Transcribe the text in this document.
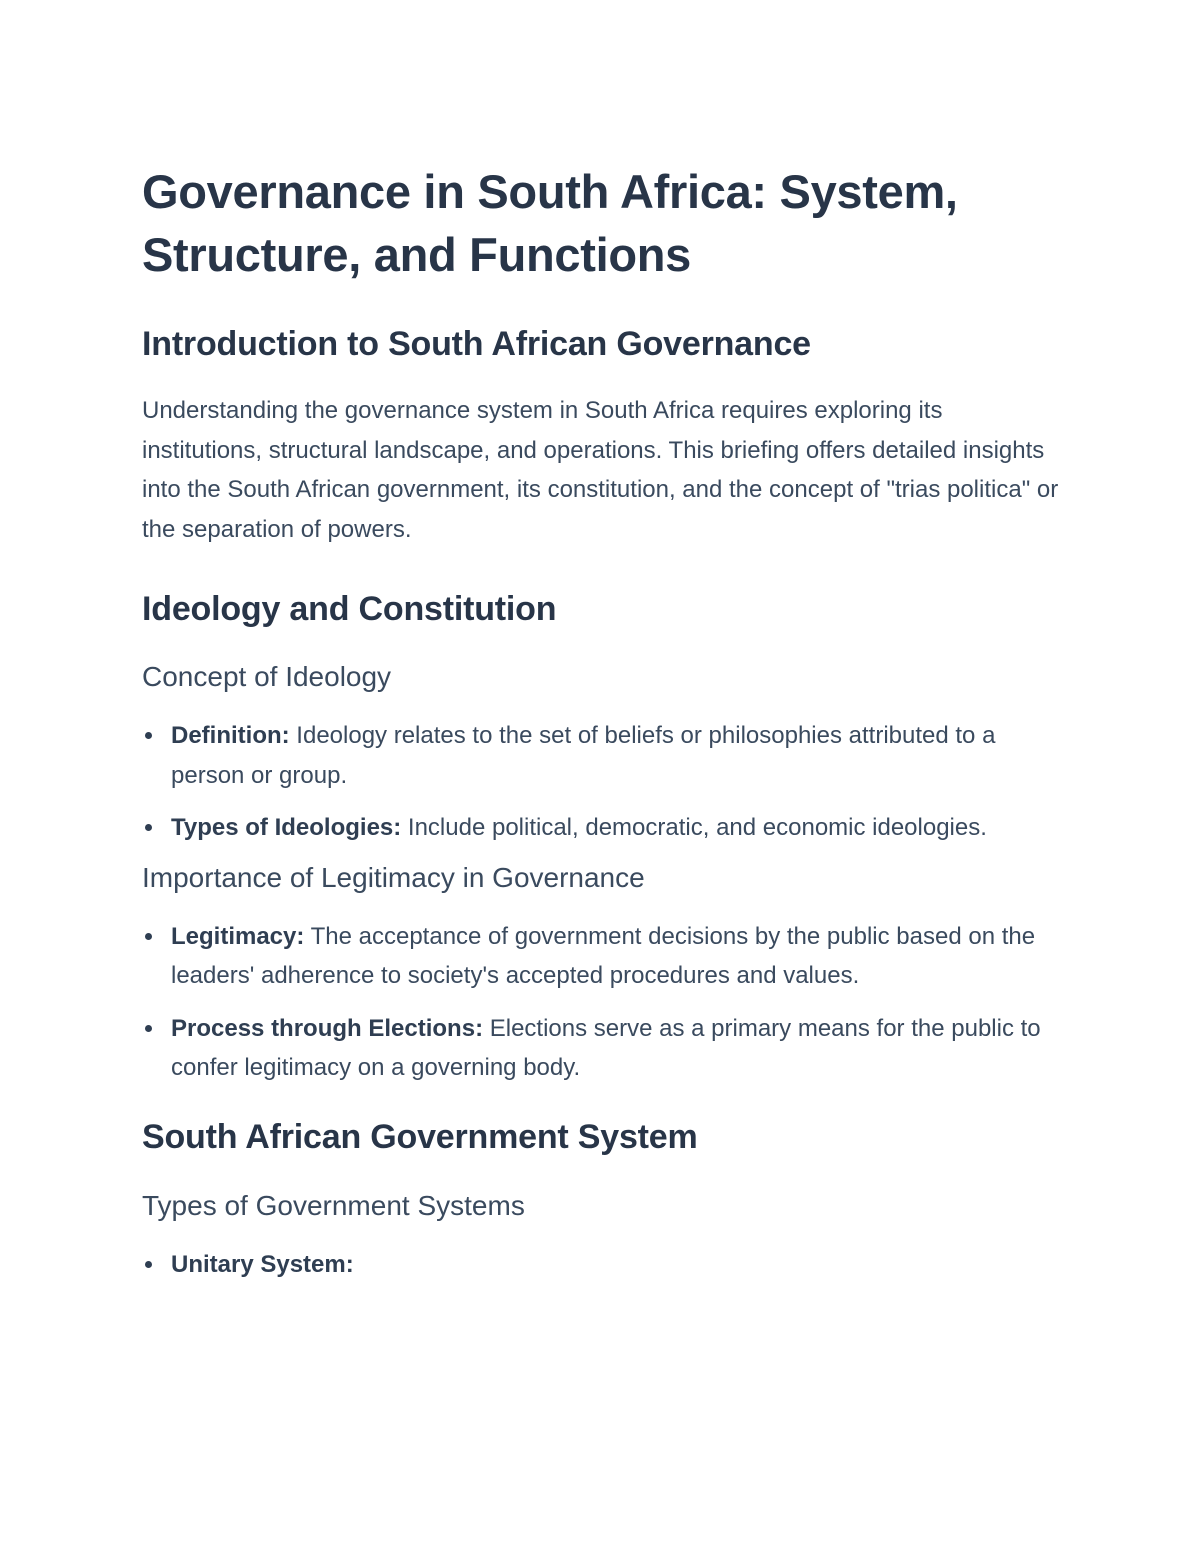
Governance in South Africa: System, Structure, and Functions
Introduction to South African Governance

Understanding the governance system in South Africa requires exploring its institutions, structural landscape, and operations. This briefing offers detailed insights into the South African government, its constitution, and the concept of "trias politica" or the separation of powers.

Ideology and Constitution
Concept of Ideology
Definition: Ideology relates to the set of beliefs or philosophies attributed to a person or group.
Types of Ideologies: Include political, democratic, and economic ideologies.
Importance of Legitimacy in Governance
Legitimacy: The acceptance of government decisions by the public based on the leaders' adherence to society's accepted procedures and values.
Process through Elections: Elections serve as a primary means for the public to confer legitimacy on a governing body.
South African Government System
Types of Government Systems
Unitary System:
